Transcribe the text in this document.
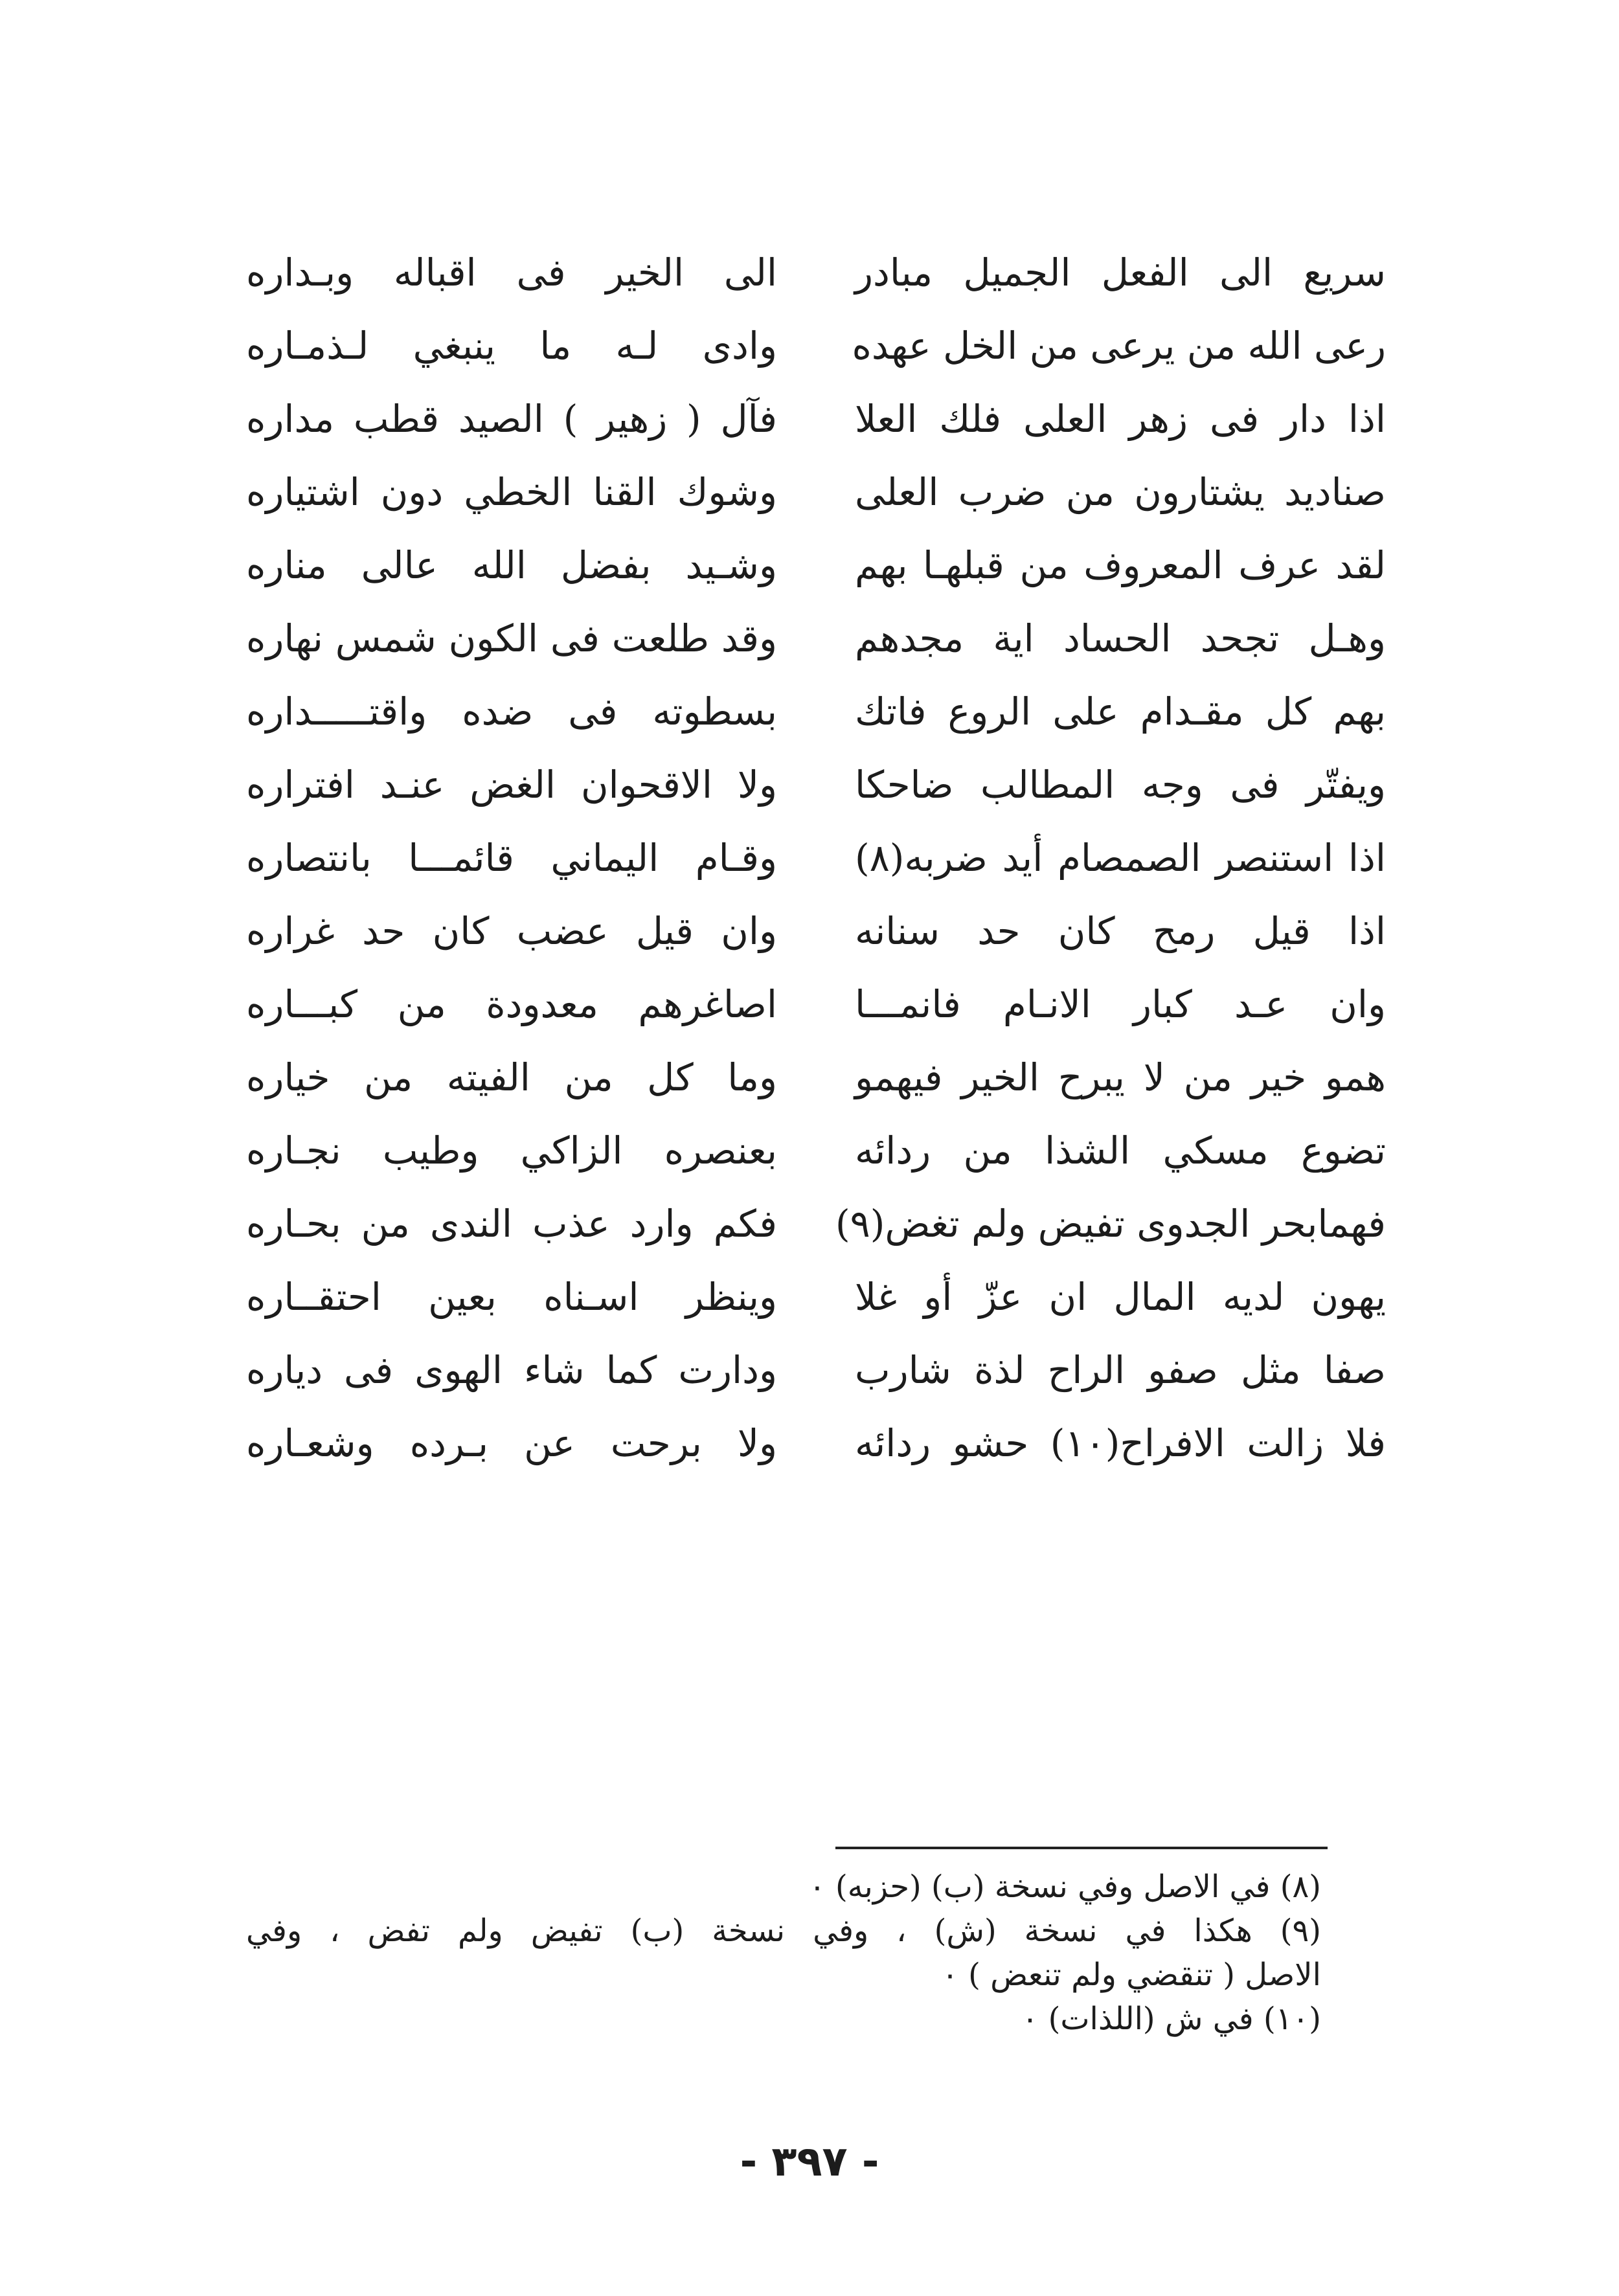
سريع الى الفعل الجميل مبادر
رعى الله من يرعى من الخل عهده
اذا دار فى زهر العلى فلك العلا
صناديد يشتارون من ضرب العلى
لقد عرف المعروف من قبلهـا بهم
وهـل تجحد الحساد اية مجدهم
بهم كل مقـدام على الروع فاتك
ويفتّر فى وجه المطالب ضاحكا
اذا استنصر الصمصام أيد ضربه(٨)
اذا قيل رمح كان حد سنانه
وان عـد كبار الانـام فانمـــا
همو خير من لا يبرح الخير فيهمو
تضوع مسكي الشذا من ردائه
فهمابحر الجدوى تفيض ولم تغض(٩)
يهون لديه المال ان عزّ أو غلا
صفا مثل صفو الراح لذة شارب
فلا زالت الافراح(١٠) حشو ردائه
الى الخير فى اقباله وبـداره
وادى لـه ما ينبغي لـذمـاره
فآل ( زهير ) الصيد قطب مداره
وشوك القنا الخطي دون اشتياره
وشـيد بفضل الله عالى مناره
وقد طلعت فى الكون شمس نهاره
بسطوته فى ضده واقتـــــداره
ولا الاقحوان الغض عنـد افتراره
وقـام اليماني قائمـــا بانتصاره
وان قيل عضب كان حد غراره
اصاغرهم معدودة من كبـــاره
وما كل من الفيته من خياره
بعنصره الزاكي وطيب نجـاره
فكم وارد عذب الندى من بحـاره
وينظر اسـناه بعين احتقــاره
ودارت كما شاء الهوى فى دياره
ولا برحت عن بـرده وشعـاره
(٨) في الاصل وفي نسخة (ب) (حزبه) ٠
(٩) هكذا في نسخة (ش) ، وفي نسخة (ب) تفيض ولم تفض ، وفي
الاصل ( تنقضي ولم تنعض ) ٠
(١٠) في ش (اللذات) ٠
- ٣٩٧ -
